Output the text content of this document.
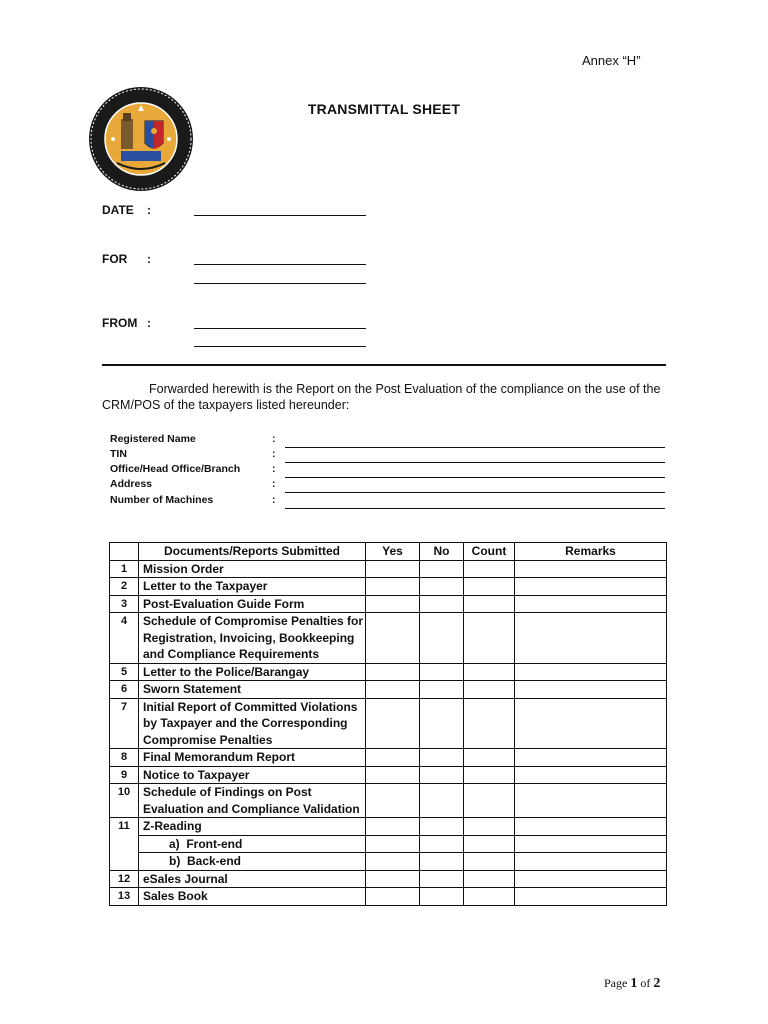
Annex “H”
TRANSMITTAL SHEET
DATE :
FOR :
FROM :
Forwarded herewith is the Report on the Post Evaluation of the compliance on the use of the CRM/POS of the taxpayers listed hereunder:
Registered Name	:
TIN	:
Office/Head Office/Branch	:
Address	:
Number of Machines	:
	Documents/Reports Submitted	Yes	No	Count	Remarks
1	Mission Order				
2	Letter to the Taxpayer				
3	Post-Evaluation Guide Form				
4	Schedule of Compromise Penalties for Registration, Invoicing, Bookkeeping and Compliance Requirements				
5	Letter to the Police/Barangay				
6	Sworn Statement				
7	Initial Report of Committed Violations by Taxpayer and the Corresponding Compromise Penalties				
8	Final Memorandum Report				
9	Notice to Taxpayer				
10	Schedule of Findings on Post Evaluation and Compliance Validation				
11	Z-Reading				
	a)  Front-end				
	b)  Back-end				
12	eSales Journal				
13	Sales Book				
Page 1 of 2
